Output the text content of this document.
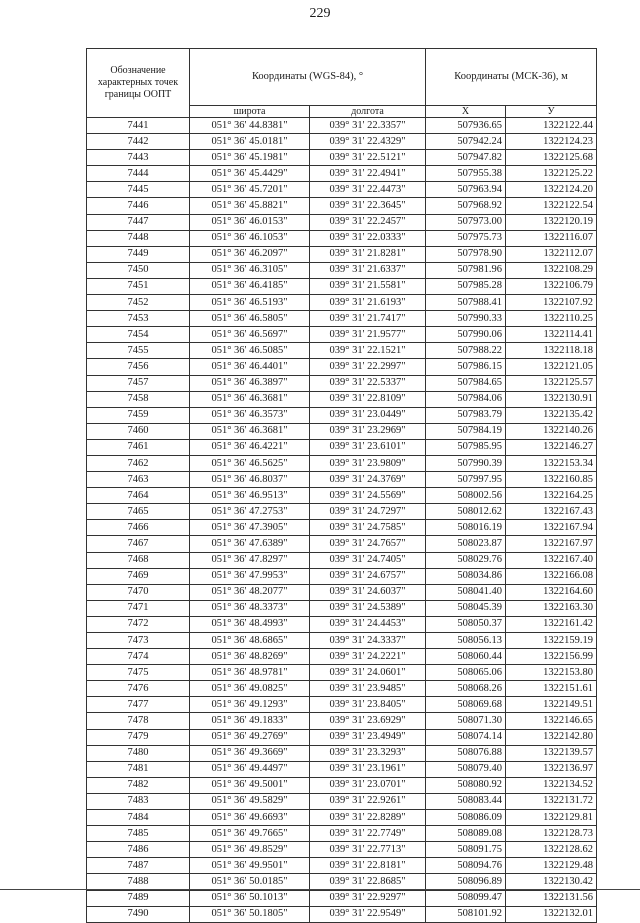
229
Обозначение характерных точек границы ООПТ	Координаты (WGS-84), °		Координаты (МСК-36), м	
	широта	долгота	X	У
7441	051° 36' 44.8381"	039° 31' 22.3357"	507936.65	1322122.44
7442	051° 36' 45.0181"	039° 31' 22.4329"	507942.24	1322124.23
7443	051° 36' 45.1981"	039° 31' 22.5121"	507947.82	1322125.68
7444	051° 36' 45.4429"	039° 31' 22.4941"	507955.38	1322125.22
7445	051° 36' 45.7201"	039° 31' 22.4473"	507963.94	1322124.20
7446	051° 36' 45.8821"	039° 31' 22.3645"	507968.92	1322122.54
7447	051° 36' 46.0153"	039° 31' 22.2457"	507973.00	1322120.19
7448	051° 36' 46.1053"	039° 31' 22.0333"	507975.73	1322116.07
7449	051° 36' 46.2097"	039° 31' 21.8281"	507978.90	1322112.07
7450	051° 36' 46.3105"	039° 31' 21.6337"	507981.96	1322108.29
7451	051° 36' 46.4185"	039° 31' 21.5581"	507985.28	1322106.79
7452	051° 36' 46.5193"	039° 31' 21.6193"	507988.41	1322107.92
7453	051° 36' 46.5805"	039° 31' 21.7417"	507990.33	1322110.25
7454	051° 36' 46.5697"	039° 31' 21.9577"	507990.06	1322114.41
7455	051° 36' 46.5085"	039° 31' 22.1521"	507988.22	1322118.18
7456	051° 36' 46.4401"	039° 31' 22.2997"	507986.15	1322121.05
7457	051° 36' 46.3897"	039° 31' 22.5337"	507984.65	1322125.57
7458	051° 36' 46.3681"	039° 31' 22.8109"	507984.06	1322130.91
7459	051° 36' 46.3573"	039° 31' 23.0449"	507983.79	1322135.42
7460	051° 36' 46.3681"	039° 31' 23.2969"	507984.19	1322140.26
7461	051° 36' 46.4221"	039° 31' 23.6101"	507985.95	1322146.27
7462	051° 36' 46.5625"	039° 31' 23.9809"	507990.39	1322153.34
7463	051° 36' 46.8037"	039° 31' 24.3769"	507997.95	1322160.85
7464	051° 36' 46.9513"	039° 31' 24.5569"	508002.56	1322164.25
7465	051° 36' 47.2753"	039° 31' 24.7297"	508012.62	1322167.43
7466	051° 36' 47.3905"	039° 31' 24.7585"	508016.19	1322167.94
7467	051° 36' 47.6389"	039° 31' 24.7657"	508023.87	1322167.97
7468	051° 36' 47.8297"	039° 31' 24.7405"	508029.76	1322167.40
7469	051° 36' 47.9953"	039° 31' 24.6757"	508034.86	1322166.08
7470	051° 36' 48.2077"	039° 31' 24.6037"	508041.40	1322164.60
7471	051° 36' 48.3373"	039° 31' 24.5389"	508045.39	1322163.30
7472	051° 36' 48.4993"	039° 31' 24.4453"	508050.37	1322161.42
7473	051° 36' 48.6865"	039° 31' 24.3337"	508056.13	1322159.19
7474	051° 36' 48.8269"	039° 31' 24.2221"	508060.44	1322156.99
7475	051° 36' 48.9781"	039° 31' 24.0601"	508065.06	1322153.80
7476	051° 36' 49.0825"	039° 31' 23.9485"	508068.26	1322151.61
7477	051° 36' 49.1293"	039° 31' 23.8405"	508069.68	1322149.51
7478	051° 36' 49.1833"	039° 31' 23.6929"	508071.30	1322146.65
7479	051° 36' 49.2769"	039° 31' 23.4949"	508074.14	1322142.80
7480	051° 36' 49.3669"	039° 31' 23.3293"	508076.88	1322139.57
7481	051° 36' 49.4497"	039° 31' 23.1961"	508079.40	1322136.97
7482	051° 36' 49.5001"	039° 31' 23.0701"	508080.92	1322134.52
7483	051° 36' 49.5829"	039° 31' 22.9261"	508083.44	1322131.72
7484	051° 36' 49.6693"	039° 31' 22.8289"	508086.09	1322129.81
7485	051° 36' 49.7665"	039° 31' 22.7749"	508089.08	1322128.73
7486	051° 36' 49.8529"	039° 31' 22.7713"	508091.75	1322128.62
7487	051° 36' 49.9501"	039° 31' 22.8181"	508094.76	1322129.48
7488	051° 36' 50.0185"	039° 31' 22.8685"	508096.89	1322130.42
7489	051° 36' 50.1013"	039° 31' 22.9297"	508099.47	1322131.56
7490	051° 36' 50.1805"	039° 31' 22.9549"	508101.92	1322132.01
